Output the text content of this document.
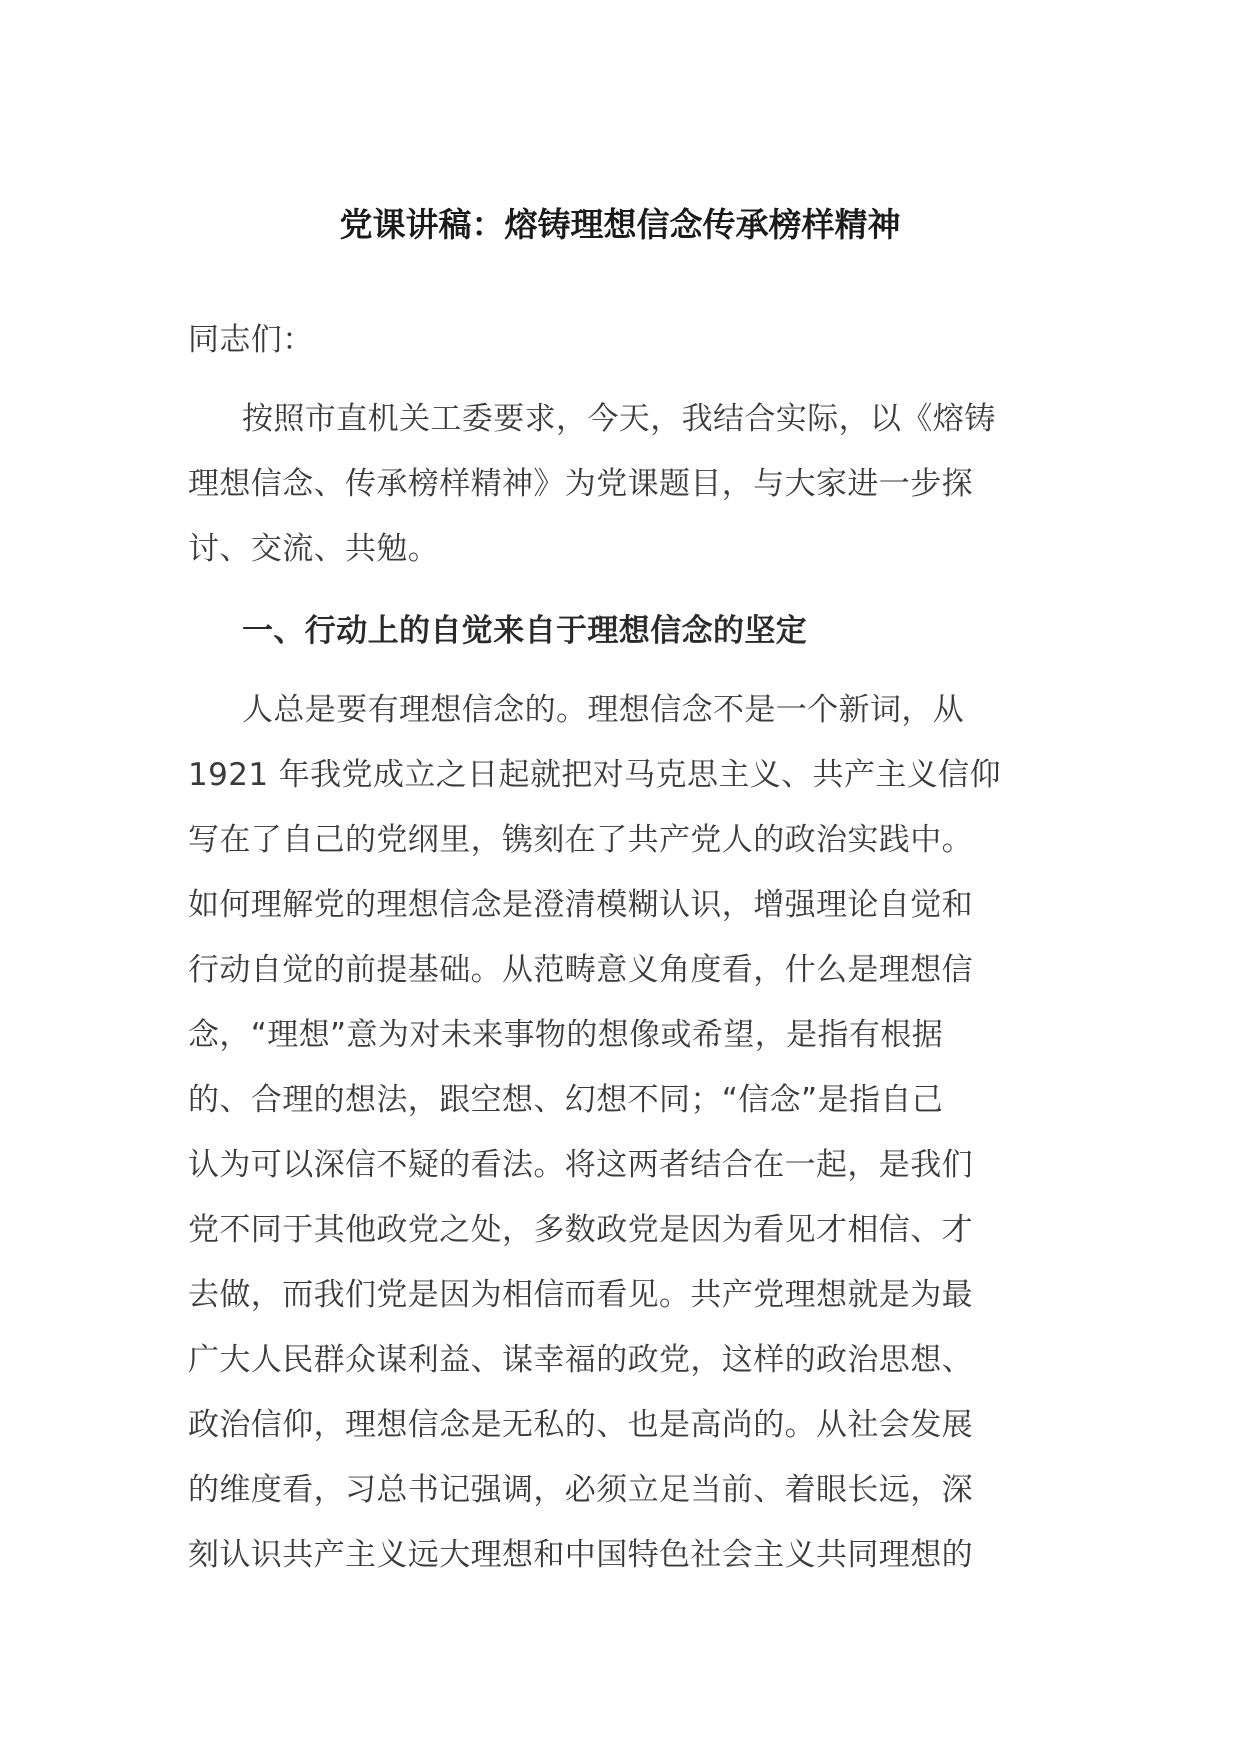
党课讲稿：熔铸理想信念传承榜样精神
同志们：
按照市直机关工委要求，今天，我结合实际，以《熔铸
理想信念、传承榜样精神》为党课题目，与大家进一步探
讨、交流、共勉。
一、行动上的自觉来自于理想信念的坚定
人总是要有理想信念的。理想信念不是一个新词，从
1921 年我党成立之日起就把对马克思主义、共产主义信仰
写在了自己的党纲里，镌刻在了共产党人的政治实践中。
如何理解党的理想信念是澄清模糊认识，增强理论自觉和
行动自觉的前提基础。从范畴意义角度看，什么是理想信
念，“理想”意为对未来事物的想像或希望，是指有根据
的、合理的想法，跟空想、幻想不同；“信念”是指自己
认为可以深信不疑的看法。将这两者结合在一起，是我们
党不同于其他政党之处，多数政党是因为看见才相信、才
去做，而我们党是因为相信而看见。共产党理想就是为最
广大人民群众谋利益、谋幸福的政党，这样的政治思想、
政治信仰，理想信念是无私的、也是高尚的。从社会发展
的维度看，习总书记强调，必须立足当前、着眼长远，深
刻认识共产主义远大理想和中国特色社会主义共同理想的
